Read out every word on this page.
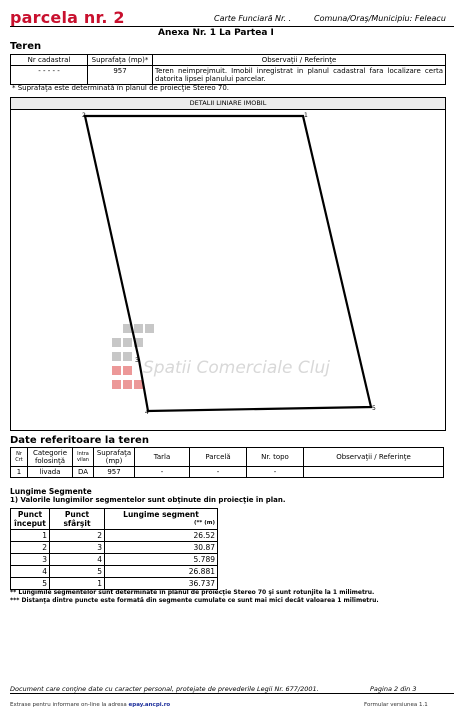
parcela nr. 2	Carte Funciară Nr. .	Comuna/Oraş/Municipiu: Feleacu
Anexa Nr. 1 La Partea I
Teren
Nr cadastral	Suprafaţa (mp)*	Observaţii / Referinţe
- - - - -	957	Teren neimprejmuit. Imobil inregistrat in planul cadastral fara localizare certa datorita lipsei planului parcelar.
* Suprafaţa este determinată în planul de proiecţie Stereo 70.
DETALII LINIARE IMOBIL
Spatii Comerciale Cluj
1
2
3
4
5
Date referitoare la teren
Nr Crt	Categorie folosinţă	Intra vilan	Suprafaţa (mp)	Tarla	Parcelă	Nr. topo	Observaţii / Referinţe
1	livada	DA	957	-	-	-	
Lungime Segmente
1) Valorile lungimilor segmentelor sunt obţinute din proiecţie în plan.
Punct început	Punct sfârşit	Lungime segment

(** (m)

1	2	26.52
2	3	30.87
3	4	5.789
4	5	26.881
5	1	36.737
** Lungimile segmentelor sunt determinate în planul de proiecţie Stereo 70 şi sunt rotunjite la 1 milimetru.
*** Distanţa dintre puncte este formată din segmente cumulate ce sunt mai mici decât valoarea 1 milimetru.
Document care conţine date cu caracter personal, protejate de prevederile Legii Nr. 677/2001.	Pagina 2 din 3
Extrase pentru informare on-line la adresa epay.ancpi.ro	Formular versiunea 1.1
